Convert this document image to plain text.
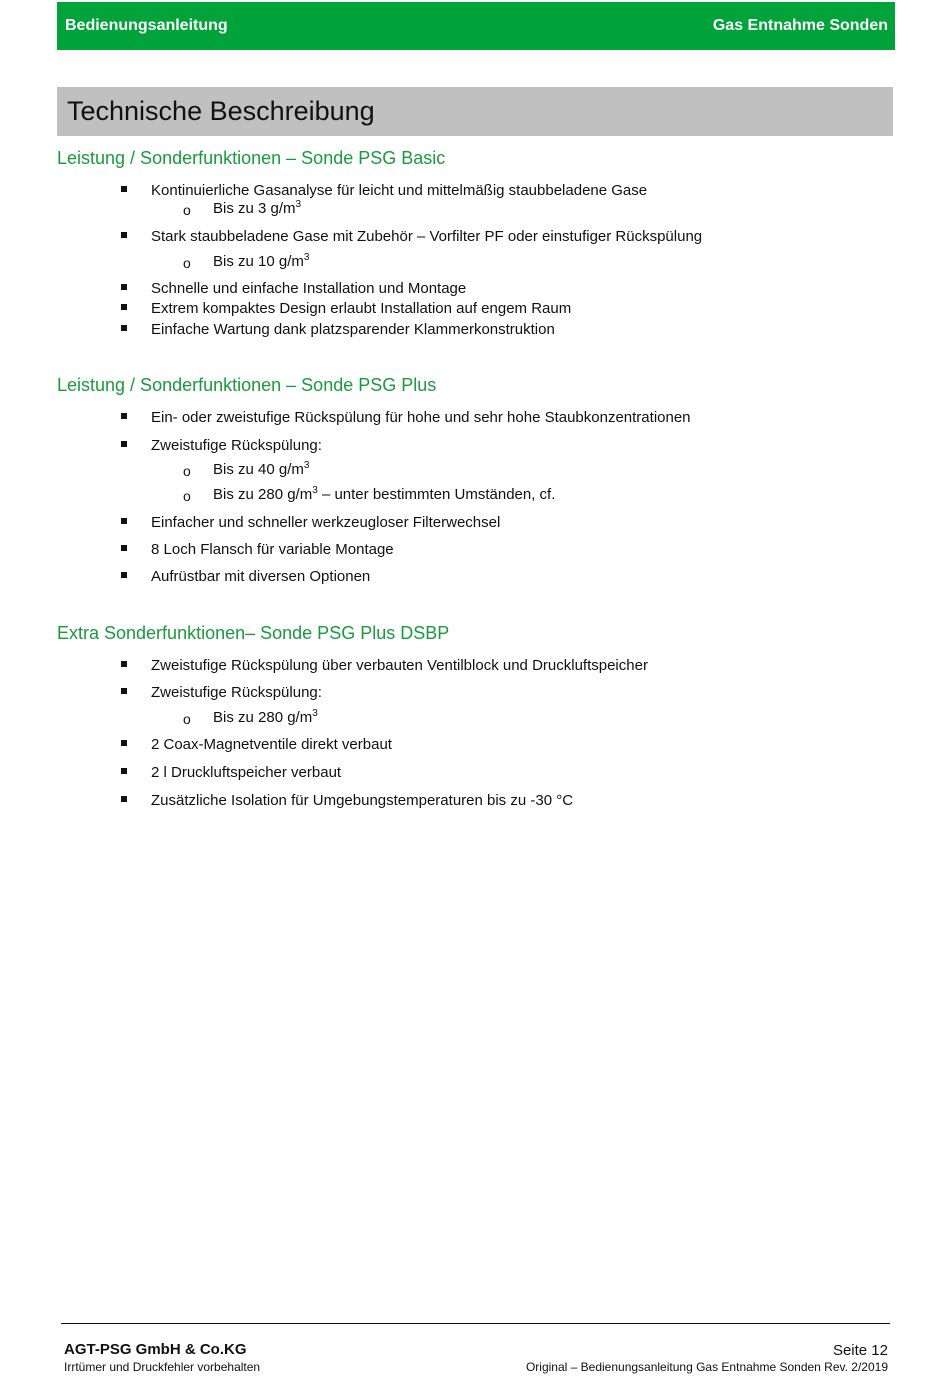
Bedienungsanleitung	Gas Entnahme Sonden
Technische Beschreibung
Leistung / Sonderfunktionen – Sonde PSG Basic
Kontinuierliche Gasanalyse für leicht und mittelmäßig staubbeladene Gase
o Bis zu 3 $g/m^3$
Stark staubbeladene Gase mit Zubehör – Vorfilter PF oder einstufiger Rückspülung
o Bis zu 10 $g/m^3$
Schnelle und einfache Installation und Montage
Extrem kompaktes Design erlaubt Installation auf engem Raum
Einfache Wartung dank platzsparender Klammerkonstruktion
Leistung / Sonderfunktionen – Sonde PSG Plus
Ein- oder zweistufige Rückspülung für hohe und sehr hohe Staubkonzentrationen
Zweistufige Rückspülung:
o Bis zu 40 $g/m^3$
o Bis zu 280 $g/m^3$ – unter bestimmten Umständen, cf.
Einfacher und schneller werkzeugloser Filterwechsel
8 Loch Flansch für variable Montage
Aufrüstbar mit diversen Optionen
Extra Sonderfunktionen– Sonde PSG Plus DSBP
Zweistufige Rückspülung über verbauten Ventilblock und Druckluftspeicher
Zweistufige Rückspülung:
o Bis zu 280 $g/m^3$
2 Coax-Magnetventile direkt verbaut
2 l Druckluftspeicher verbaut
Zusätzliche Isolation für Umgebungstemperaturen bis zu -30 °C
AGT-PSG GmbH & Co.KG
Irrtümer und Druckfehler vorbehalten
Seite 12
Original – Bedienungsanleitung Gas Entnahme Sonden Rev. 2/2019
